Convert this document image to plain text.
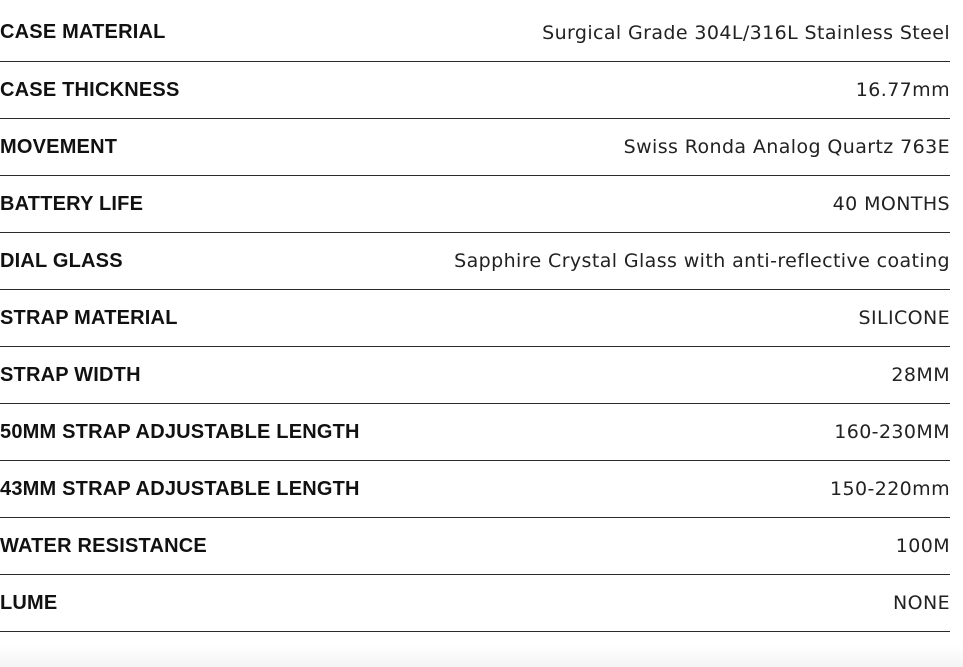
CASE MATERIAL	Surgical Grade 304L/316L Stainless Steel
CASE THICKNESS	16.77mm
MOVEMENT	Swiss Ronda Analog Quartz 763E
BATTERY LIFE	40 MONTHS
DIAL GLASS	Sapphire Crystal Glass with anti-reflective coating
STRAP MATERIAL	SILICONE
STRAP WIDTH	28MM
50MM STRAP ADJUSTABLE LENGTH	160-230MM
43MM STRAP ADJUSTABLE LENGTH	150-220mm
WATER RESISTANCE	100M
LUME	NONE
